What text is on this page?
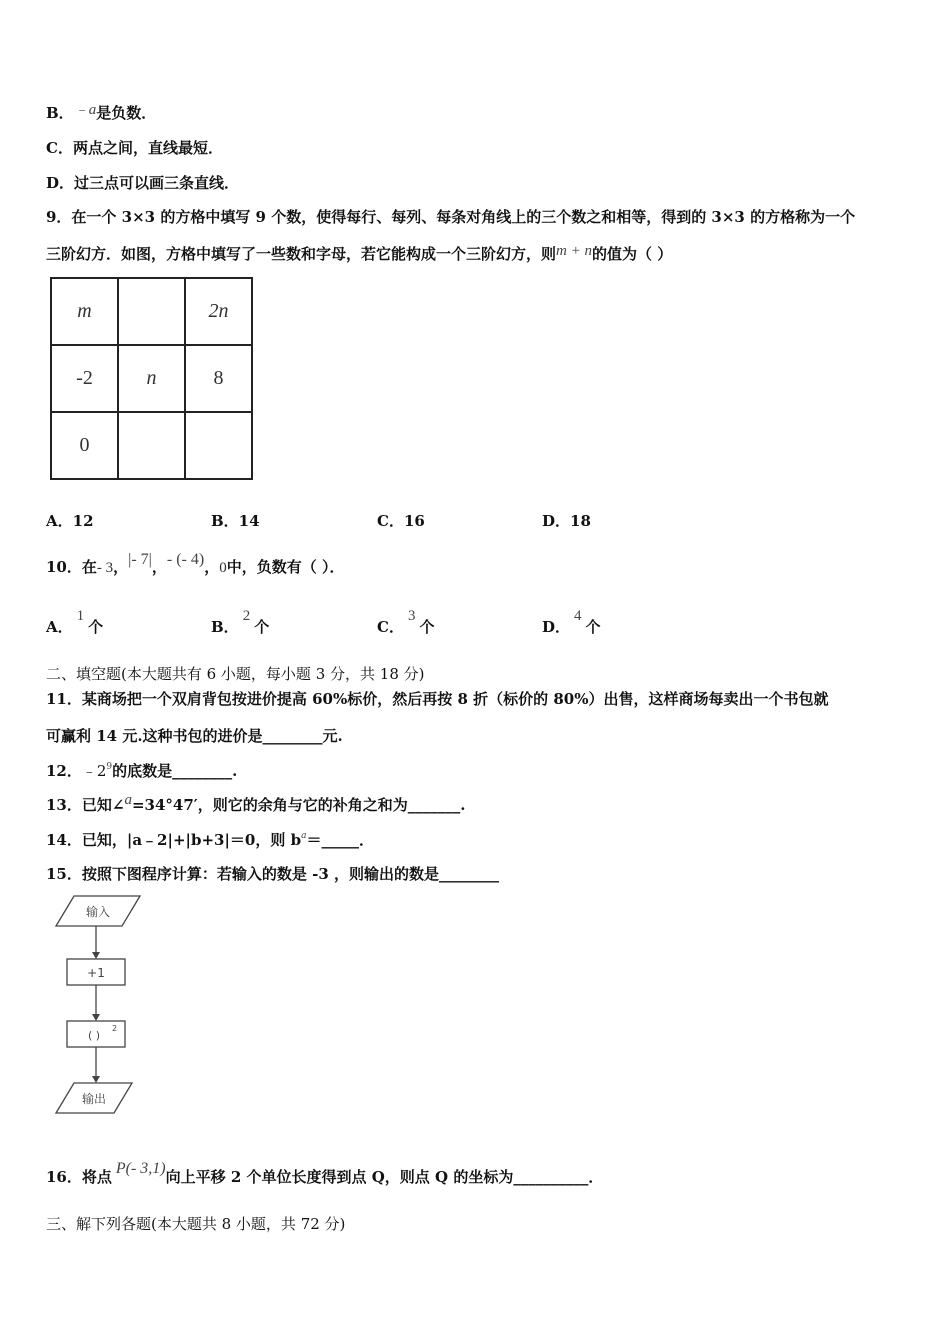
B．﹣a是负数．
C．两点之间，直线最短．
D．过三点可以画三条直线．
9．在一个 3×3 的方格中填写 9 个数，使得每行、每列、每条对角线上的三个数之和相等，得到的 3×3 的方格称为一个
三阶幻方．如图，方格中填写了一些数和字母，若它能构成一个三阶幻方，则m + n的值为（ ）
m		2n
-2	n	8
0		
A．12	B．14	C．16	D．18
10．在- 3，|- 7|，- (- 4)，0中，负数有（ ）．
A．1个	B．2个	C．3个	D．4个
二、填空题(本大题共有 6 小题，每小题 3 分，共 18 分)
11．某商场把一个双肩背包按进价提高 60%标价，然后再按 8 折（标价的 80%）出售，这样商场每卖出一个书包就
可赢利 14 元.这种书包的进价是________元.
12．$﹣2^9$的底数是________.
13．已知∠a=34°47′，则它的余角与它的补角之和为_______.
14．已知，|a﹣2|+|b+3|＝0，则 $b^a=\_\_\_\_\_$．
15．按照下图程序计算：若输入的数是 -3 ，则输出的数是________
输入
+1
( )
2
输出
16．将点 P(- 3,1)向上平移 2 个单位长度得到点 Q，则点 Q 的坐标为__________．
三、解下列各题(本大题共 8 小题，共 72 分)
